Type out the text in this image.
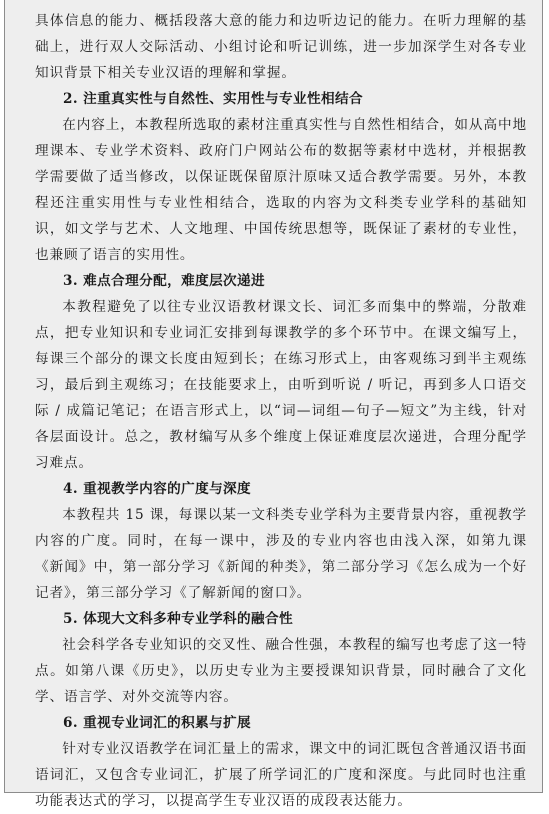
具体信息的能力、概括段落大意的能力和边听边记的能力。在听力理解的基础上，进行双人交际活动、小组讨论和听记训练，进一步加深学生对各专业知识背景下相关专业汉语的理解和掌握。

2. 注重真实性与自然性、实用性与专业性相结合

在内容上，本教程所选取的素材注重真实性与自然性相结合，如从高中地理课本、专业学术资料、政府门户网站公布的数据等素材中选材，并根据教学需要做了适当修改，以保证既保留原汁原味又适合教学需要。另外，本教程还注重实用性与专业性相结合，选取的内容为文科类专业学科的基础知识，如文学与艺术、人文地理、中国传统思想等，既保证了素材的专业性，也兼顾了语言的实用性。

3. 难点合理分配，难度层次递进

本教程避免了以往专业汉语教材课文长、词汇多而集中的弊端，分散难点，把专业知识和专业词汇安排到每课教学的多个环节中。在课文编写上，每课三个部分的课文长度由短到长；在练习形式上，由客观练习到半主观练习，最后到主观练习；在技能要求上，由听到听说 / 听记，再到多人口语交际 / 成篇记笔记；在语言形式上，以“词—词组—句子—短文”为主线，针对各层面设计。总之，教材编写从多个维度上保证难度层次递进，合理分配学习难点。

4. 重视教学内容的广度与深度

本教程共 15 课，每课以某一文科类专业学科为主要背景内容，重视教学内容的广度。同时，在每一课中，涉及的专业内容也由浅入深，如第九课《新闻》中，第一部分学习《新闻的种类》，第二部分学习《怎么成为一个好记者》，第三部分学习《了解新闻的窗口》。

5. 体现大文科多种专业学科的融合性

社会科学各专业知识的交叉性、融合性强，本教程的编写也考虑了这一特点。如第八课《历史》，以历史专业为主要授课知识背景，同时融合了文化学、语言学、对外交流等内容。

6. 重视专业词汇的积累与扩展

针对专业汉语教学在词汇量上的需求，课文中的词汇既包含普通汉语书面语词汇，又包含专业词汇，扩展了所学词汇的广度和深度。与此同时也注重功能表达式的学习，以提高学生专业汉语的成段表达能力。
